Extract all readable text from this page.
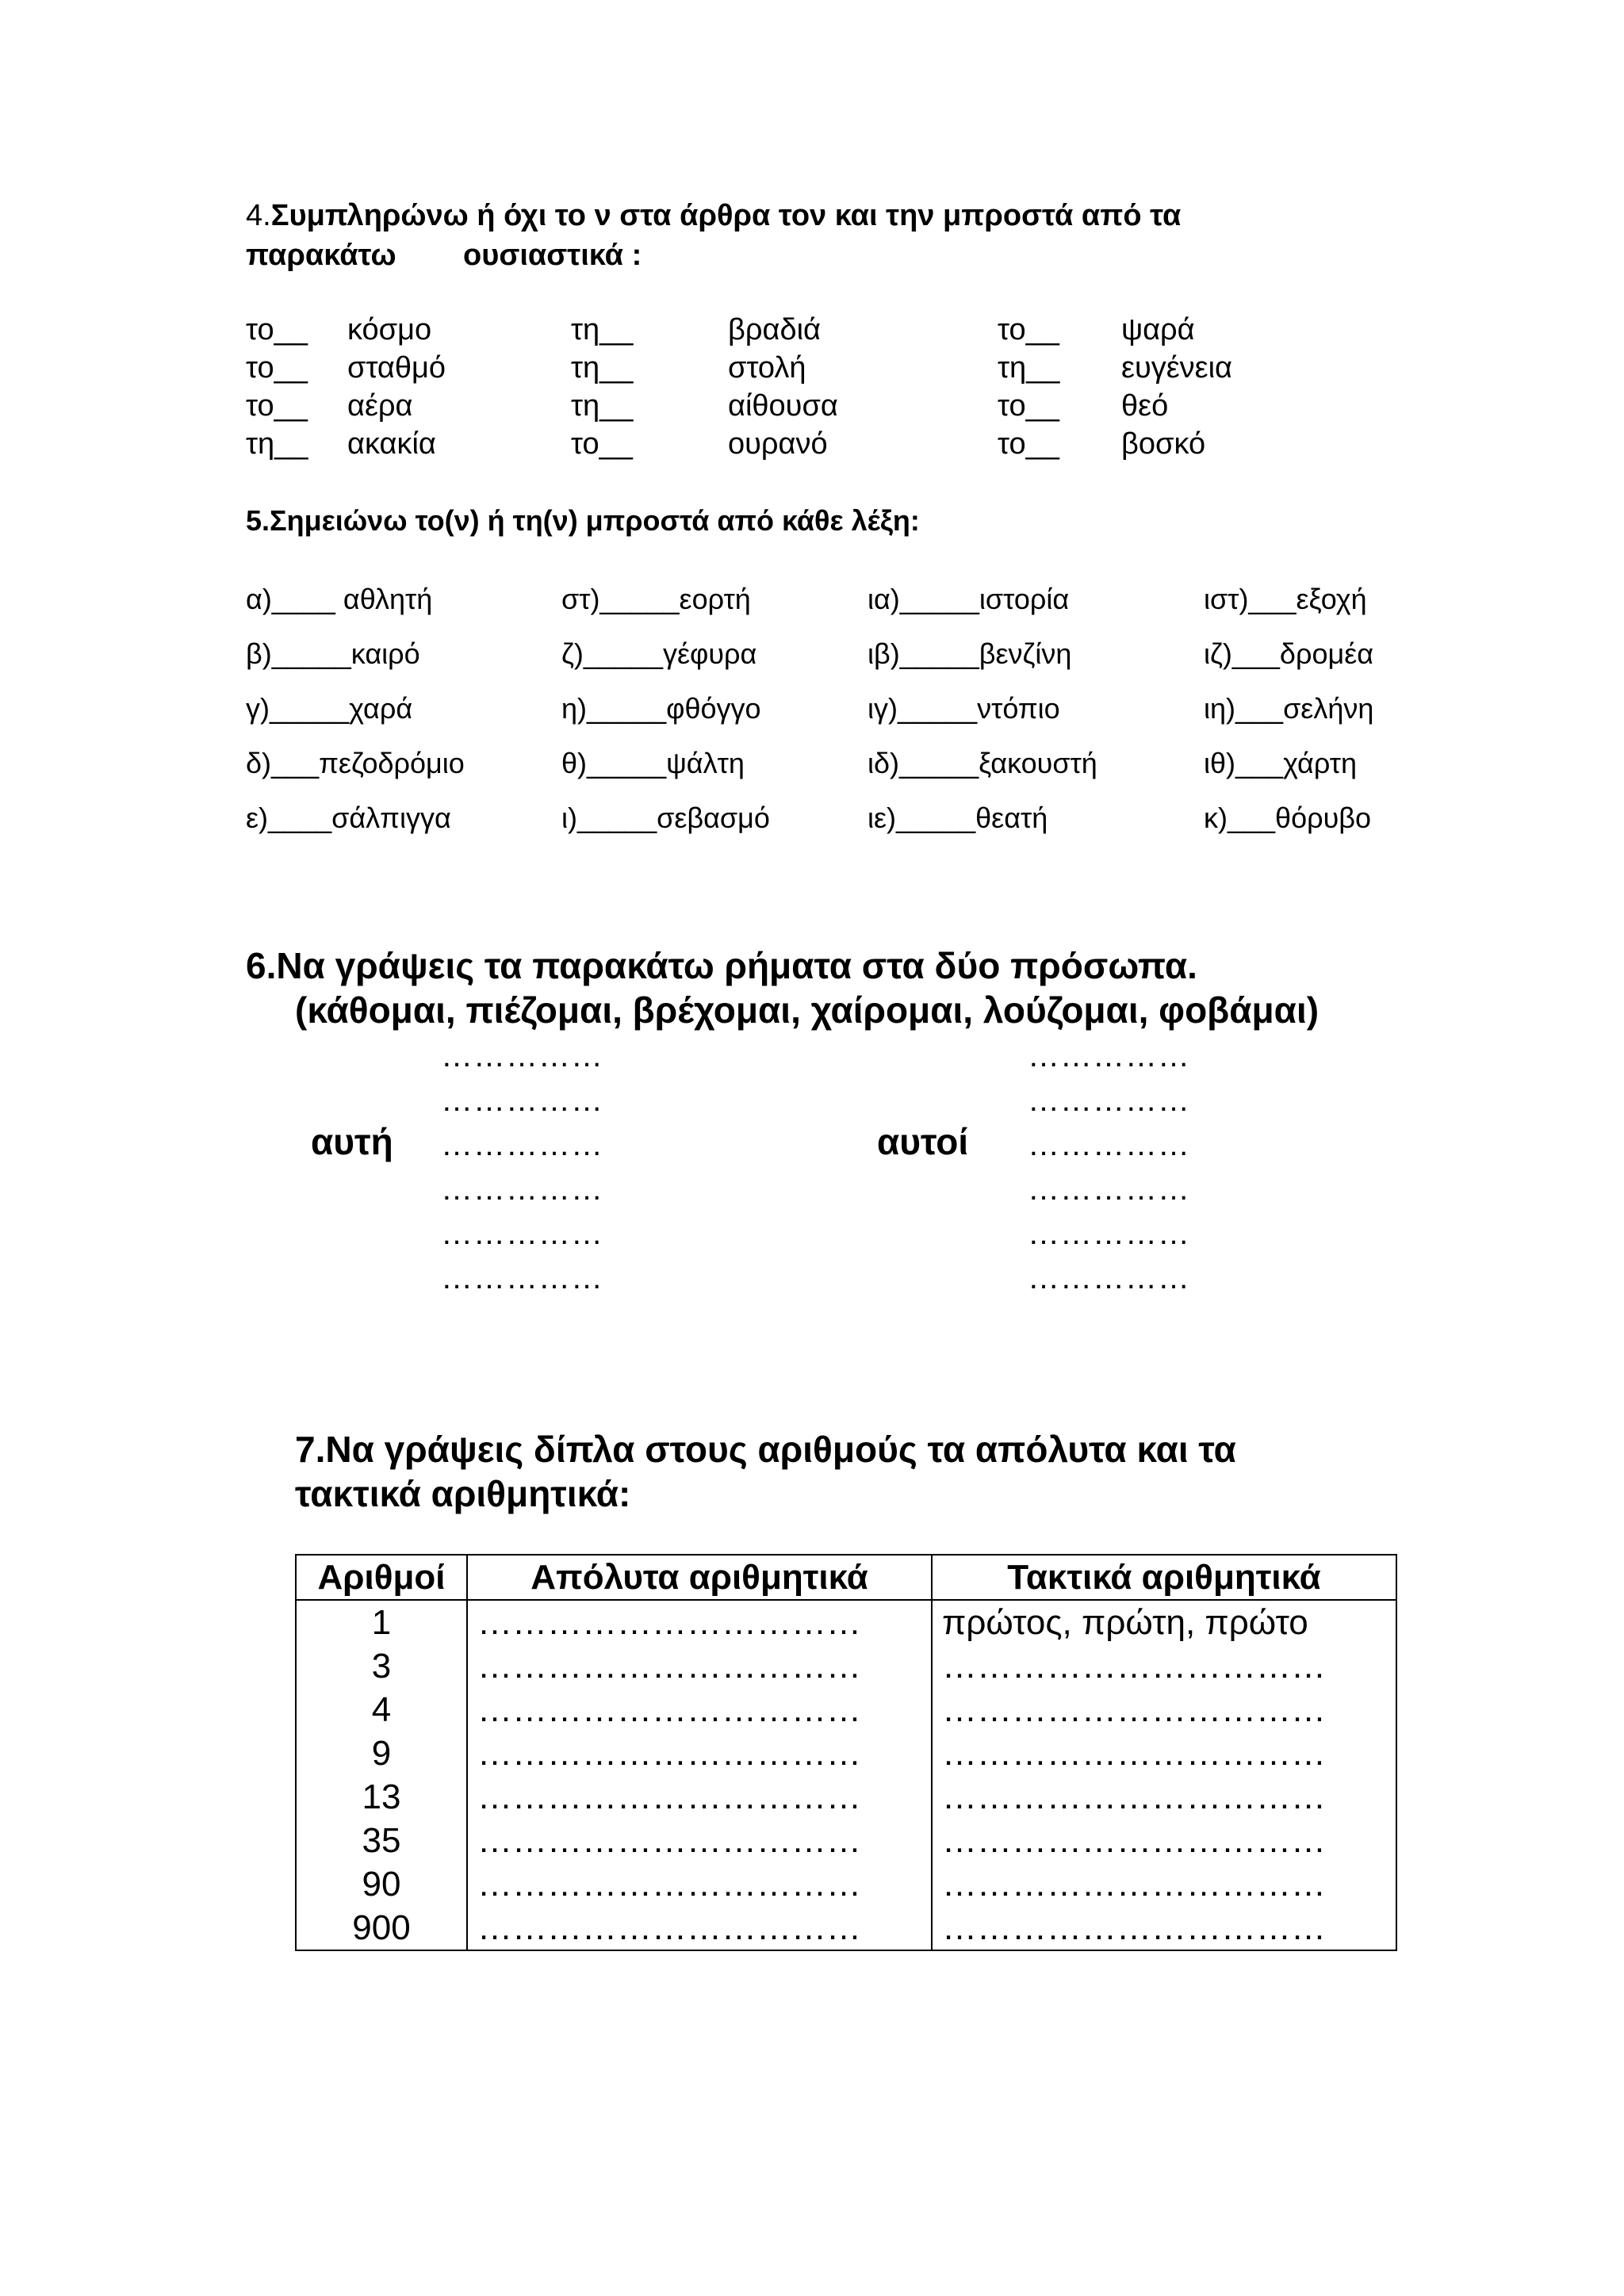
4.Συμπληρώνω ή όχι το ν στα άρθρα τον και την μπροστά από τα
παρακάτω ουσιαστικά :
το__ κόσμο	τη__	βραδιά	το__ ψαρά
το__ σταθμό	τη__	στολή	τη__ ευγένεια
το__ αέρα	τη__	αίθουσα	το__ θεό
τη__ ακακία	το__	ουρανό	το__ βοσκό
5.Σημειώνω το(ν) ή τη(ν) μπροστά από κάθε λέξη:
α)____ αθλητή	στ)_____εορτή	ια)_____ιστορία	ιστ)___εξοχή
β)_____καιρό	ζ)_____γέφυρα	ιβ)_____βενζίνη	ιζ)___δρομέα
γ)_____χαρά	η)_____φθόγγο	ιγ)_____ντόπιο	ιη)___σελήνη
δ)___πεζοδρόμιο	θ)_____ψάλτη	ιδ)_____ξακουστή	ιθ)___χάρτη
ε)____σάλπιγγα	ι)_____σεβασμό	ιε)_____θεατή	κ)___θόρυβο
6.Να γράψεις τα παρακάτω ρήματα στα δύο πρόσωπα.
(κάθομαι, πιέζομαι, βρέχομαι, χαίρομαι, λούζομαι, φοβάμαι)
αυτή	αυτοί
……………
……………
……………
……………
……………
……………
……………
……………
……………
……………
……………
……………
7.Να γράψεις δίπλα στους αριθμούς τα απόλυτα και τα
τακτικά αριθμητικά:
Αριθμοί	Απόλυτα αριθμητικά	Τακτικά αριθμητικά
1	……………………………	πρώτος, πρώτη, πρώτο
3	……………………………	……………………………
4	……………………………	……………………………
9	……………………………	……………………………
13	……………………………	……………………………
35	……………………………	……………………………
90	……………………………	……………………………
900	……………………………	……………………………
